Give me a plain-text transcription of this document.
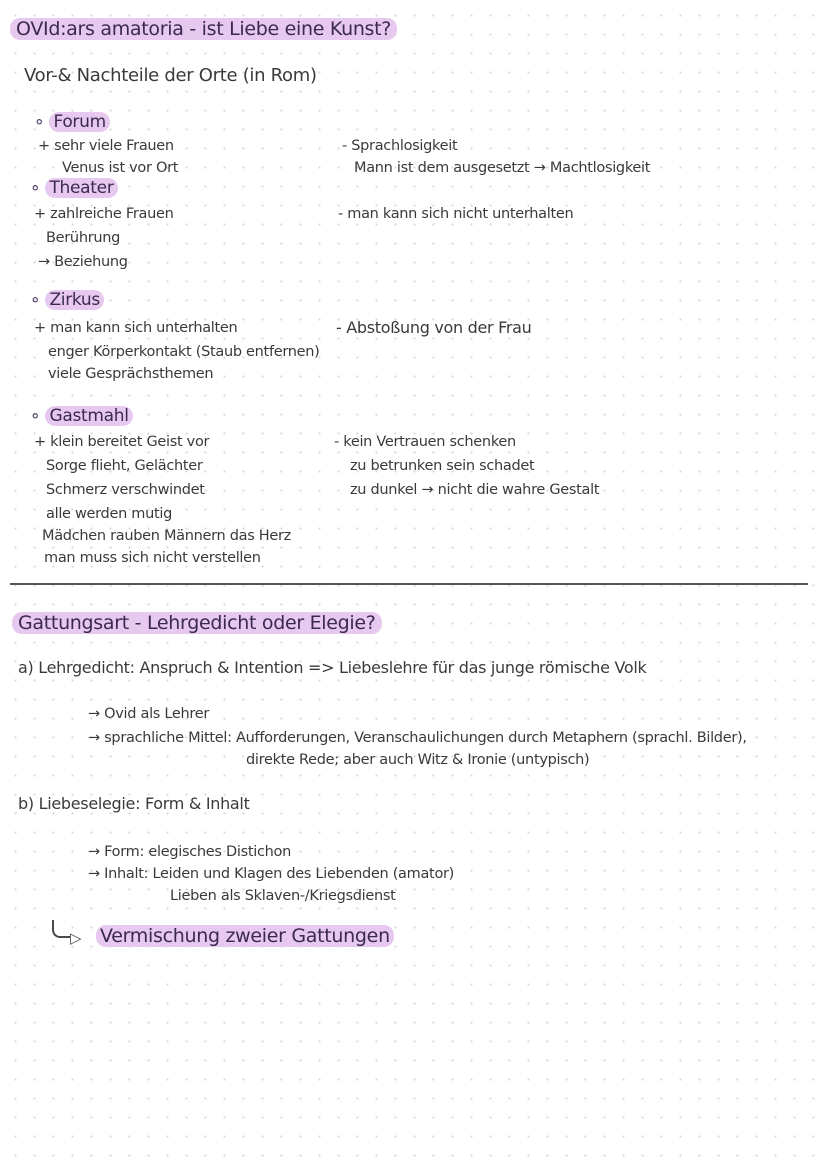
OVId:ars amatoria - ist Liebe eine Kunst?
Vor-& Nachteile der Orte (in Rom)
∘ Forum
+ sehr viele Frauen
Venus ist vor Ort
- Sprachlosigkeit
Mann ist dem ausgesetzt → Machtlosigkeit
∘ Theater
+ zahlreiche Frauen
Berührung
→ Beziehung
- man kann sich nicht unterhalten
∘ Zirkus
+ man kann sich unterhalten
enger Körperkontakt (Staub entfernen)
viele Gesprächsthemen
- Abstoßung von der Frau
∘ Gastmahl
+ klein bereitet Geist vor
Sorge flieht, Gelächter
Schmerz verschwindet
alle werden mutig
Mädchen rauben Männern das Herz
man muss sich nicht verstellen
- kein Vertrauen schenken
zu betrunken sein schadet
zu dunkel → nicht die wahre Gestalt
Gattungsart - Lehrgedicht oder Elegie?
a) Lehrgedicht: Anspruch & Intention => Liebeslehre für das junge römische Volk
→ Ovid als Lehrer
→ sprachliche Mittel: Aufforderungen, Veranschaulichungen durch Metaphern (sprachl. Bilder),
direkte Rede; aber auch Witz & Ironie (untypisch)
b) Liebeselegie: Form & Inhalt
→ Form: elegisches Distichon
→ Inhalt: Leiden und Klagen des Liebenden (amator)
Lieben als Sklaven-/Kriegsdienst
▷ Vermischung zweier Gattungen
